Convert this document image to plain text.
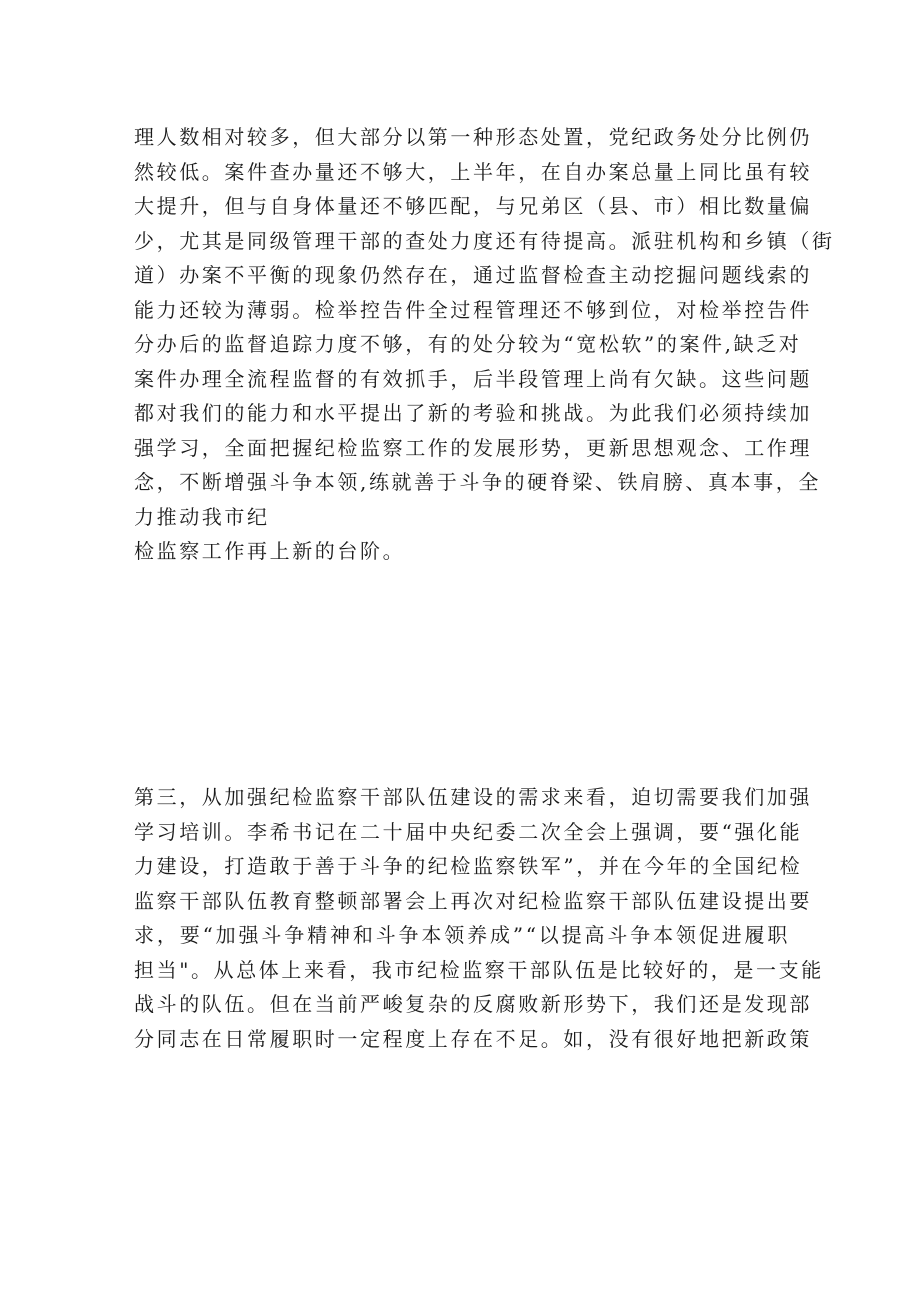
理人数相对较多，但大部分以第一种形态处置，党纪政务处分比例仍
然较低。案件查办量还不够大，上半年，在自办案总量上同比虽有较
大提升，但与自身体量还不够匹配，与兄弟区（县、市）相比数量偏
少，尤其是同级管理干部的查处力度还有待提高。派驻机构和乡镇（街
道）办案不平衡的现象仍然存在，通过监督检查主动挖掘问题线索的
能力还较为薄弱。检举控告件全过程管理还不够到位，对检举控告件
分办后的监督追踪力度不够，有的处分较为“宽松软”的案件,缺乏对
案件办理全流程监督的有效抓手，后半段管理上尚有欠缺。这些问题
都对我们的能力和水平提出了新的考验和挑战。为此我们必须持续加
强学习，全面把握纪检监察工作的发展形势，更新思想观念、工作理
念，不断增强斗争本领,练就善于斗争的硬脊梁、铁肩膀、真本事，全
力推动我市纪
检监察工作再上新的台阶。
第三，从加强纪检监察干部队伍建设的需求来看，迫切需要我们加强
学习培训。李希书记在二十届中央纪委二次全会上强调，要“强化能
力建设，打造敢于善于斗争的纪检监察铁军”，并在今年的全国纪检
监察干部队伍教育整顿部署会上再次对纪检监察干部队伍建设提出要
求，要“加强斗争精神和斗争本领养成”“以提高斗争本领促进履职
担当"。从总体上来看，我市纪检监察干部队伍是比较好的，是一支能
战斗的队伍。但在当前严峻复杂的反腐败新形势下，我们还是发现部
分同志在日常履职时一定程度上存在不足。如，没有很好地把新政策
